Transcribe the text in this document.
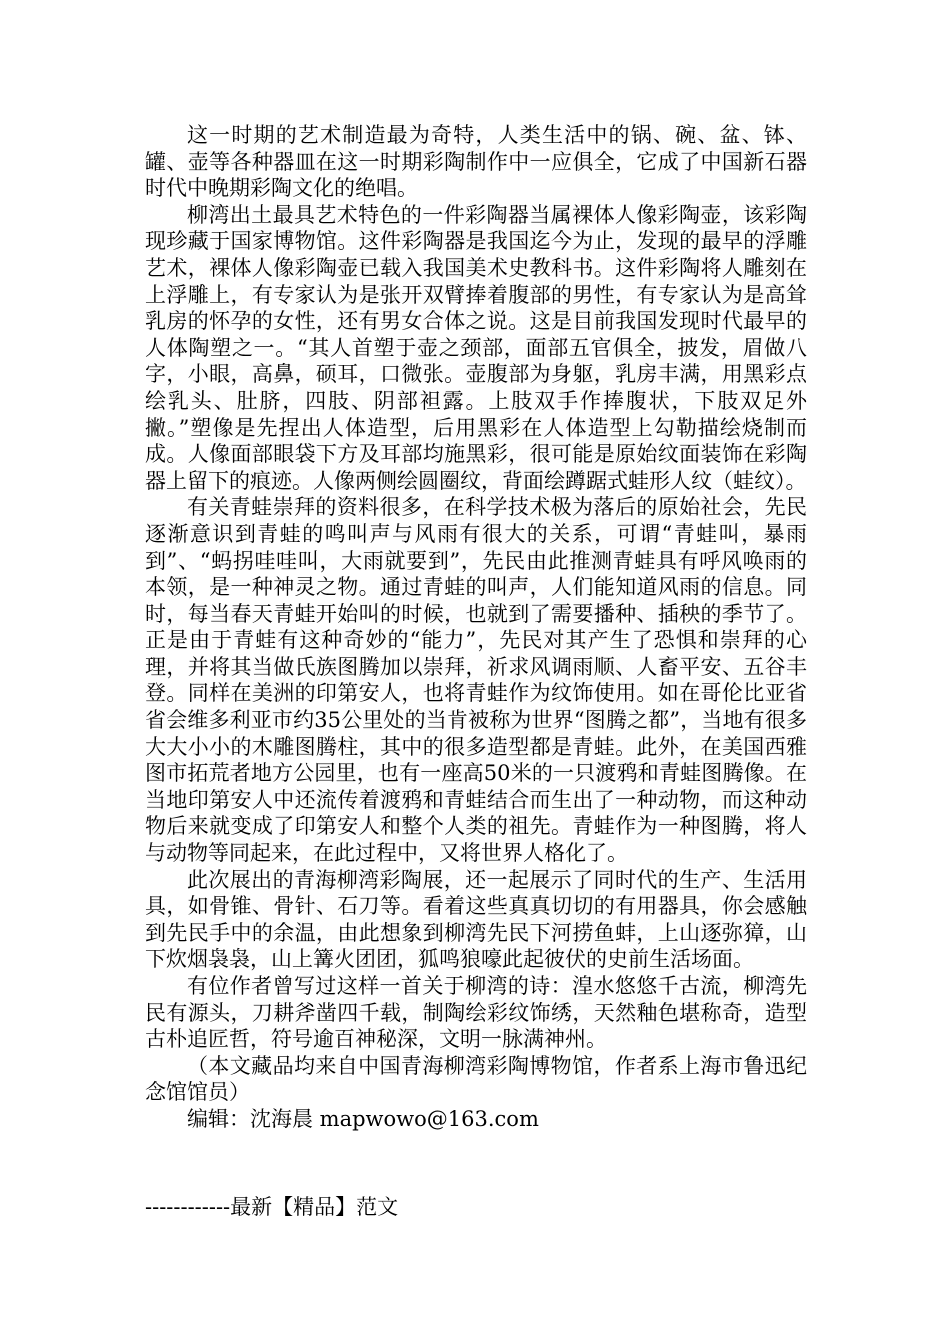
这一时期的艺术制造最为奇特，人类生活中的锅、碗、盆、钵、罐、壶等各种器皿在这一时期彩陶制作中一应俱全，它成了中国新石器时代中晚期彩陶文化的绝唱。

柳湾出土最具艺术特色的一件彩陶器当属裸体人像彩陶壶，该彩陶现珍藏于国家博物馆。这件彩陶器是我国迄今为止，发现的最早的浮雕艺术，裸体人像彩陶壶已载入我国美术史教科书。这件彩陶将人雕刻在上浮雕上，有专家认为是张开双臂捧着腹部的男性，有专家认为是高耸乳房的怀孕的女性，还有男女合体之说。这是目前我国发现时代最早的人体陶塑之一。“其人首塑于壶之颈部，面部五官俱全，披发，眉做八字，小眼，高鼻，硕耳，口微张。壶腹部为身躯，乳房丰满，用黑彩点绘乳头、肚脐，四肢、阴部袒露。上肢双手作捧腹状，下肢双足外撇。”塑像是先捏出人体造型，后用黑彩在人体造型上勾勒描绘烧制而成。人像面部眼袋下方及耳部均施黑彩，很可能是原始纹面装饰在彩陶器上留下的痕迹。人像两侧绘圆圈纹，背面绘蹲踞式蛙形人纹（蛙纹）。

有关青蛙崇拜的资料很多，在科学技术极为落后的原始社会，先民逐渐意识到青蛙的鸣叫声与风雨有很大的关系，可谓“青蛙叫，暴雨到”、“蚂拐哇哇叫，大雨就要到”，先民由此推测青蛙具有呼风唤雨的本领，是一种神灵之物。通过青蛙的叫声，人们能知道风雨的信息。同时，每当春天青蛙开始叫的时候，也就到了需要播种、插秧的季节了。正是由于青蛙有这种奇妙的“能力”，先民对其产生了恐惧和崇拜的心理，并将其当做氏族图腾加以崇拜，祈求风调雨顺、人畜平安、五谷丰登。同样在美洲的印第安人，也将青蛙作为纹饰使用。如在哥伦比亚省省会维多利亚市约35公里处的当肯被称为世界“图腾之都”，当地有很多大大小小的木雕图腾柱，其中的很多造型都是青蛙。此外，在美国西雅图市拓荒者地方公园里，也有一座高50米的一只渡鸦和青蛙图腾像。在当地印第安人中还流传着渡鸦和青蛙结合而生出了一种动物，而这种动物后来就变成了印第安人和整个人类的祖先。青蛙作为一种图腾，将人与动物等同起来，在此过程中，又将世界人格化了。

此次展出的青海柳湾彩陶展，还一起展示了同时代的生产、生活用具，如骨锥、骨针、石刀等。看着这些真真切切的有用器具，你会感触到先民手中的余温，由此想象到柳湾先民下河捞鱼蚌，上山逐弥獐，山下炊烟袅袅，山上篝火团团，狐鸣狼嚎此起彼伏的史前生活场面。

有位作者曾写过这样一首关于柳湾的诗：湟水悠悠千古流，柳湾先民有源头，刀耕斧凿四千载，制陶绘彩纹饰绣，天然釉色堪称奇，造型古朴追匠哲，符号逾百神秘深，文明一脉满神州。

（本文藏品均来自中国青海柳湾彩陶博物馆，作者系上海市鲁迅纪念馆馆员）

编辑：沈海晨 mapwowo@163.com

------------最新【精品】范文
